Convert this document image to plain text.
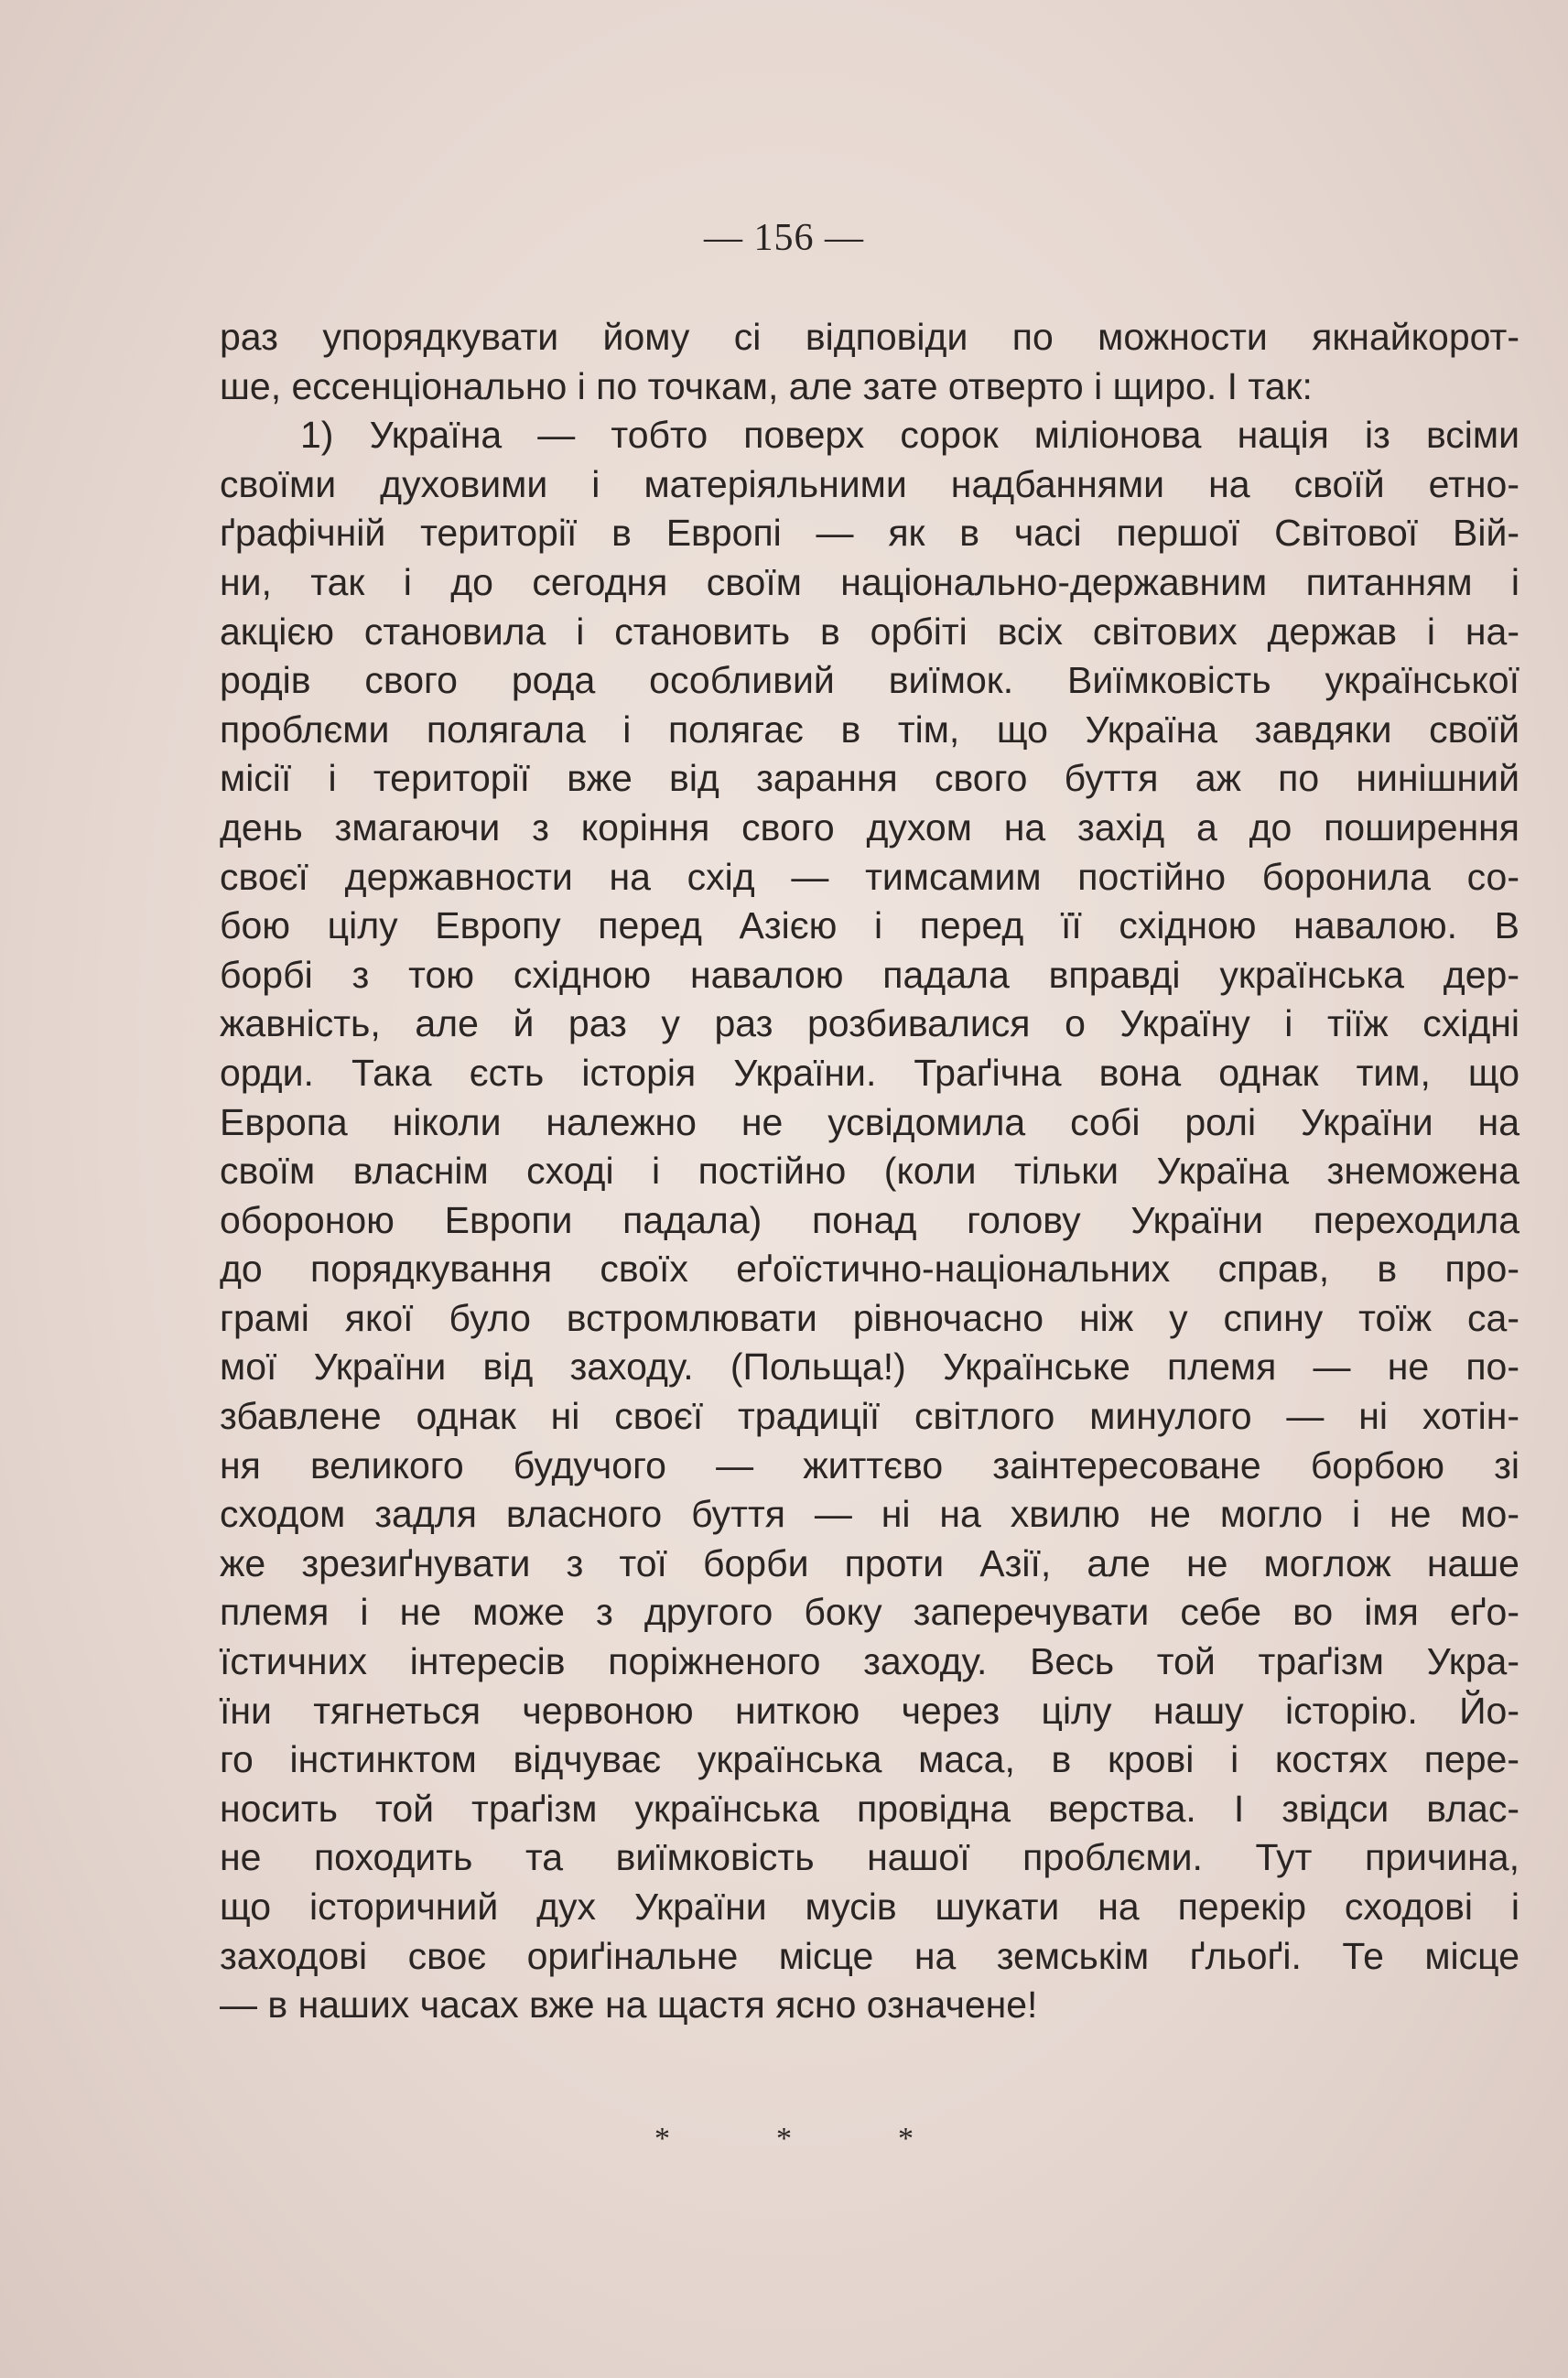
— 156 —
раз упорядкувати йому сі відповіди по можности якнайкорот-
ше, ессенціонально і по точкам, але зате отверто і щиро. І так:
1) Україна — тобто поверх сорок міліонова нація із всіми
своїми духовими і матеріяльними надбаннями на своїй етно-
ґрафічній території в Европі — як в часі першої Світової Вій-
ни, так і до сегодня своїм національно-державним питанням і
акцією становила і становить в орбіті всіх світових держав і на-
родів свого рода особливий виїмок. Виїмковість української
проблєми полягала і полягає в тім, що Україна завдяки своїй
місії і території вже від зарання свого буття аж по нинішний
день змагаючи з коріння свого духом на захід а до поширення
своєї державности на схід — тимсамим постійно боронила со-
бою цілу Европу перед Азією і перед її східною навалою. В
борбі з тою східною навалою падала вправді українська дер-
жавність, але й раз у раз розбивалися о Україну і тіїж східні
орди. Така єсть історія України. Траґічна вона однак тим, що
Европа ніколи належно не усвідомила собі ролі України на
своїм власнім сході і постійно (коли тільки Україна знеможена
обороною Европи падала) понад голову України переходила
до порядкування своїх еґоїстично-національних справ, в про-
грамі якої було встромлювати рівночасно ніж у спину тоїж са-
мої України від заходу. (Польща!) Українське племя — не по-
збавлене однак ні своєї традиції світлого минулого — ні хотін-
ня великого будучого — життєво заінтересоване борбою зі
сходом задля власного буття — ні на хвилю не могло і не мо-
же зрезиґнувати з тої борби проти Азії, але не моглож наше
племя і не може з другого боку заперечувати себе во імя еґо-
їстичних інтересів поріжненого заходу. Весь той траґізм Укра-
їни тягнеться червоною ниткою через цілу нашу історію. Йо-
го інстинктом відчуває українська маса, в крові і костях пере-
носить той траґізм українська провідна верства. І звідси влас-
не походить та виїмковість нашої проблєми. Тут причина,
що історичний дух України мусів шукати на перекір сходові і
заходові своє ориґінальне місце на земськім ґльоґі. Те місце
— в наших часах вже на щастя ясно означене!
*	*	*
